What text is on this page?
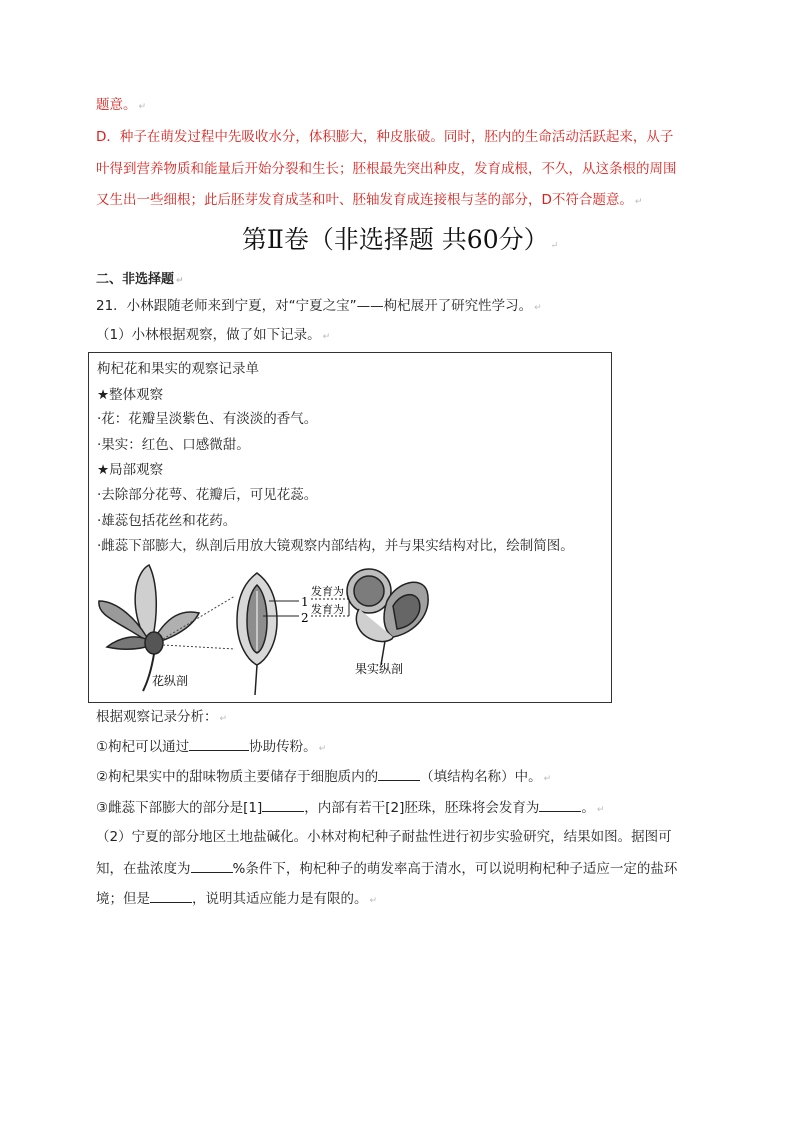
题意。 ↵
D．种子在萌发过程中先吸收水分，体积膨大，种皮胀破。同时，胚内的生命活动活跃起来，从子
叶得到营养物质和能量后开始分裂和生长；胚根最先突出种皮，发育成根，不久，从这条根的周围
又生出一些细根；此后胚芽发育成茎和叶、胚轴发育成连接根与茎的部分，D不符合题意。 ↵
第Ⅱ卷（非选择题 共60分） ↵
二、非选择题 ↵
21．小林跟随老师来到宁夏，对“宁夏之宝”——枸杞展开了研究性学习。 ↵
（1）小林根据观察，做了如下记录。 ↵
枸杞花和果实的观察记录单
★整体观察
·花：花瓣呈淡紫色、有淡淡的香气。
·果实：红色、口感微甜。
★局部观察
·去除部分花萼、花瓣后，可见花蕊。
·雄蕊包括花丝和花药。
·雌蕊下部膨大，纵剖后用放大镜观察内部结构，并与果实结构对比，绘制简图。
1
2
发育为
发育为
花纵剖
果实纵剖
根据观察记录分析： ↵
①枸杞可以通过	协助传粉。 ↵
②枸杞果实中的甜味物质主要储存于细胞质内的	（填结构名称）中。 ↵
③雌蕊下部膨大的部分是[1]	，内部有若干[2]胚珠，胚珠将会发育为	。 ↵
（2）宁夏的部分地区土地盐碱化。小林对枸杞种子耐盐性进行初步实验研究，结果如图。据图可
知，在盐浓度为	%条件下，枸杞种子的萌发率高于清水，可以说明枸杞种子适应一定的盐环
境；但是	，说明其适应能力是有限的。 ↵
